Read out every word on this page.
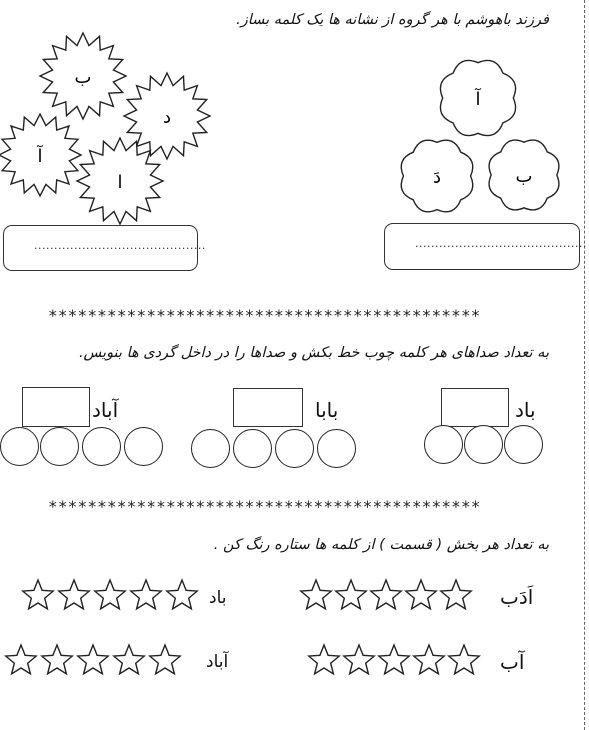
فرزند باهوشم با هر گروه از نشانه ها یک کلمه بساز.
ب
د
آ
ا
آ
دَ	ب
...........................................	...........................................
********************************************
به تعداد صداهای هر کلمه چوب خط بکش و صداها را در داخل گردی ها بنویس.
باد
بابا
آباد
********************************************
به تعداد هر بخش ( قسمت ) از کلمه ها ستاره رنگ کن .
اَدَب
باد
آب
آباد
